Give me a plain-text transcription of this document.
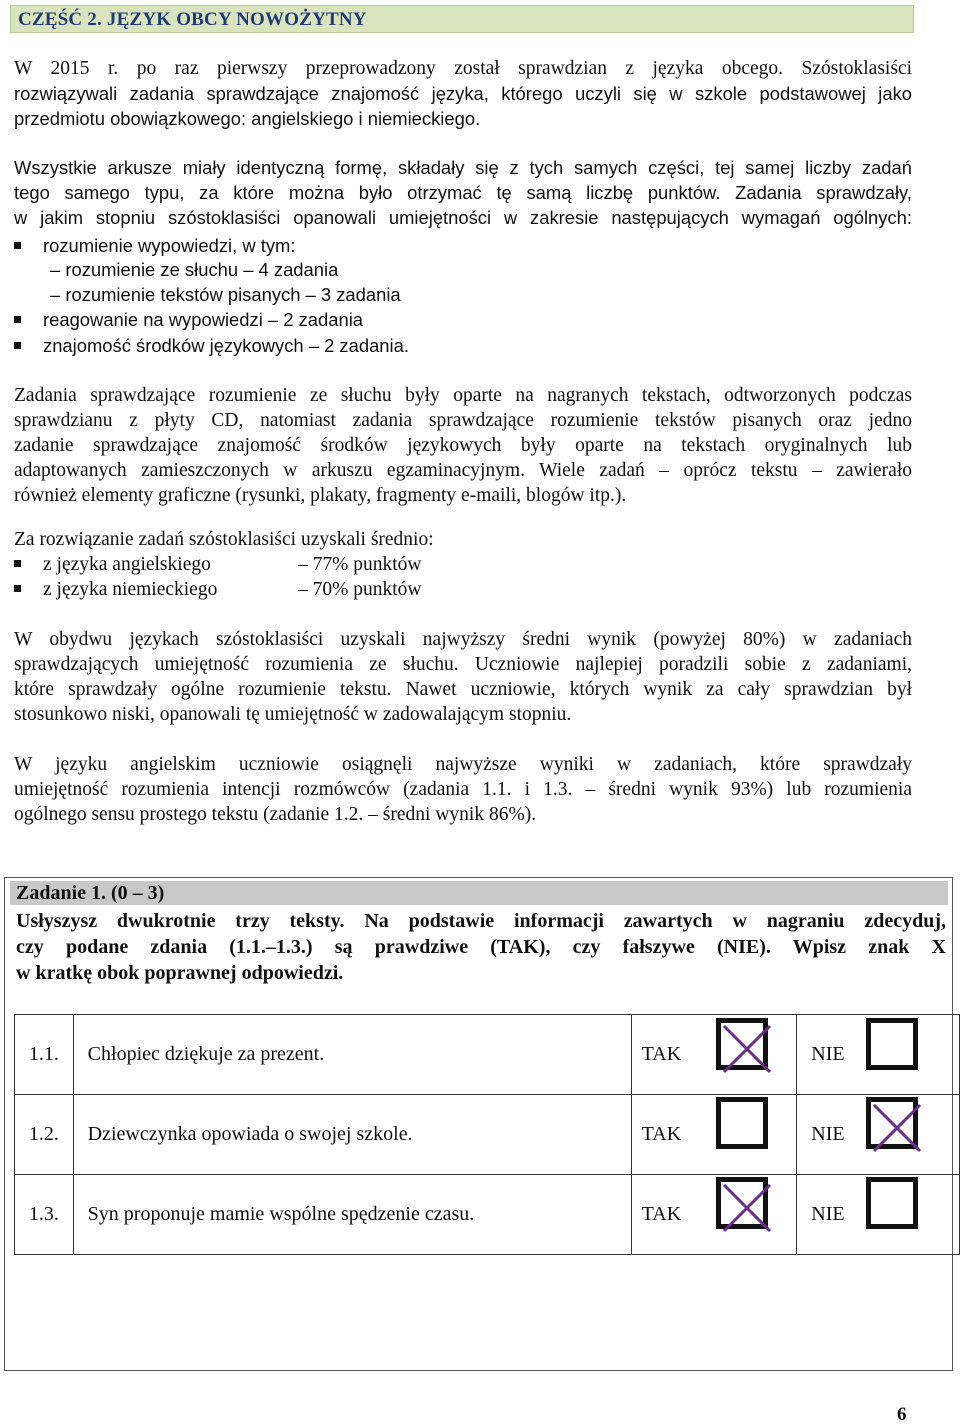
CZĘŚĆ 2. JĘZYK OBCY NOWOŻYTNY
W 2015 r. po raz pierwszy przeprowadzony został sprawdzian z języka obcego. Szóstoklasiści
rozwiązywali zadania sprawdzające znajomość języka, którego uczyli się w szkole podstawowej jako
przedmiotu obowiązkowego: angielskiego i niemieckiego.
Wszystkie arkusze miały identyczną formę, składały się z tych samych części, tej samej liczby zadań
tego samego typu, za które można było otrzymać tę samą liczbę punktów. Zadania sprawdzały,
w jakim stopniu szóstoklasiści opanowali umiejętności w zakresie następujących wymagań ogólnych:
rozumienie wypowiedzi, w tym:
– rozumienie ze słuchu – 4 zadania
– rozumienie tekstów pisanych – 3 zadania
reagowanie na wypowiedzi – 2 zadania
znajomość środków językowych – 2 zadania.
Zadania sprawdzające rozumienie ze słuchu były oparte na nagranych tekstach, odtworzonych podczas
sprawdzianu z płyty CD, natomiast zadania sprawdzające rozumienie tekstów pisanych oraz jedno
zadanie sprawdzające znajomość środków językowych były oparte na tekstach oryginalnych lub
adaptowanych zamieszczonych w arkuszu egzaminacyjnym. Wiele zadań – oprócz tekstu – zawierało
również elementy graficzne (rysunki, plakaty, fragmenty e-maili, blogów itp.).
Za rozwiązanie zadań szóstoklasiści uzyskali średnio:
z języka angielskiego	– 77% punktów
z języka niemieckiego	– 70% punktów
W obydwu językach szóstoklasiści uzyskali najwyższy średni wynik (powyżej 80%) w zadaniach
sprawdzających umiejętność rozumienia ze słuchu. Uczniowie najlepiej poradzili sobie z zadaniami,
które sprawdzały ogólne rozumienie tekstu. Nawet uczniowie, których wynik za cały sprawdzian był
stosunkowo niski, opanowali tę umiejętność w zadowalającym stopniu.
W języku angielskim uczniowie osiągnęli najwyższe wyniki w zadaniach, które sprawdzały
umiejętność rozumienia intencji rozmówców (zadania 1.1. i 1.3. – średni wynik 93%) lub rozumienia
ogólnego sensu prostego tekstu (zadanie 1.2. – średni wynik 86%).
Zadanie 1. (0 – 3)
Usłyszysz dwukrotnie trzy teksty. Na podstawie informacji zawartych w nagraniu zdecyduj,
czy podane zdania (1.1.–1.3.) są prawdziwe (TAK), czy fałszywe (NIE). Wpisz znak X
w kratkę obok poprawnej odpowiedzi.
1.1.	Chłopiec dziękuje za prezent.	TAK	NIE
1.2.	Dziewczynka opowiada o swojej szkole.	TAK	NIE
1.3.	Syn proponuje mamie wspólne spędzenie czasu.	TAK	NIE
6
